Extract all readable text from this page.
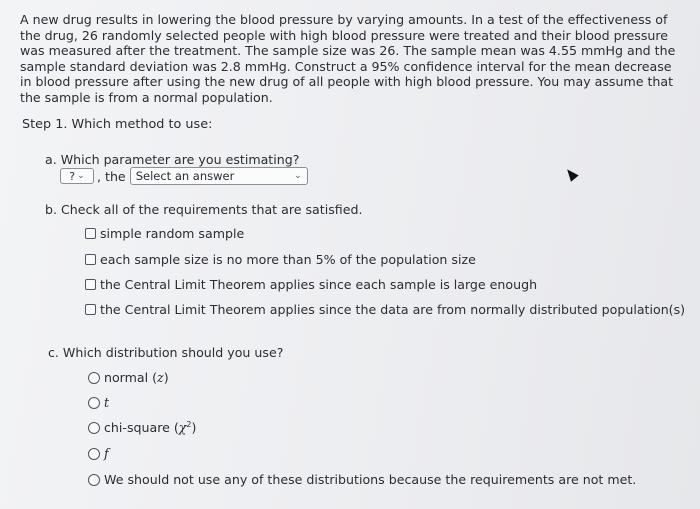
A new drug results in lowering the blood pressure by varying amounts. In a test of the effectiveness of the drug, 26 randomly selected people with high blood pressure were treated and their blood pressure was measured after the treatment. The sample size was 26. The sample mean was 4.55 mmHg and the sample standard deviation was 2.8 mmHg. Construct a 95% confidence interval for the mean decrease in blood pressure after using the new drug of all people with high blood pressure. You may assume that the sample is from a normal population.
Step 1. Which method to use:
a. Which parameter are you estimating?
? ⌄ , the Select an answer	⌄
b. Check all of the requirements that are satisfied.
simple random sample
each sample size is no more than 5% of the population size
the Central Limit Theorem applies since each sample is large enough
the Central Limit Theorem applies since the data are from normally distributed population(s)
c. Which distribution should you use?
normal (z)
t
chi-square $(\chi^2)$
f
We should not use any of these distributions because the requirements are not met.
